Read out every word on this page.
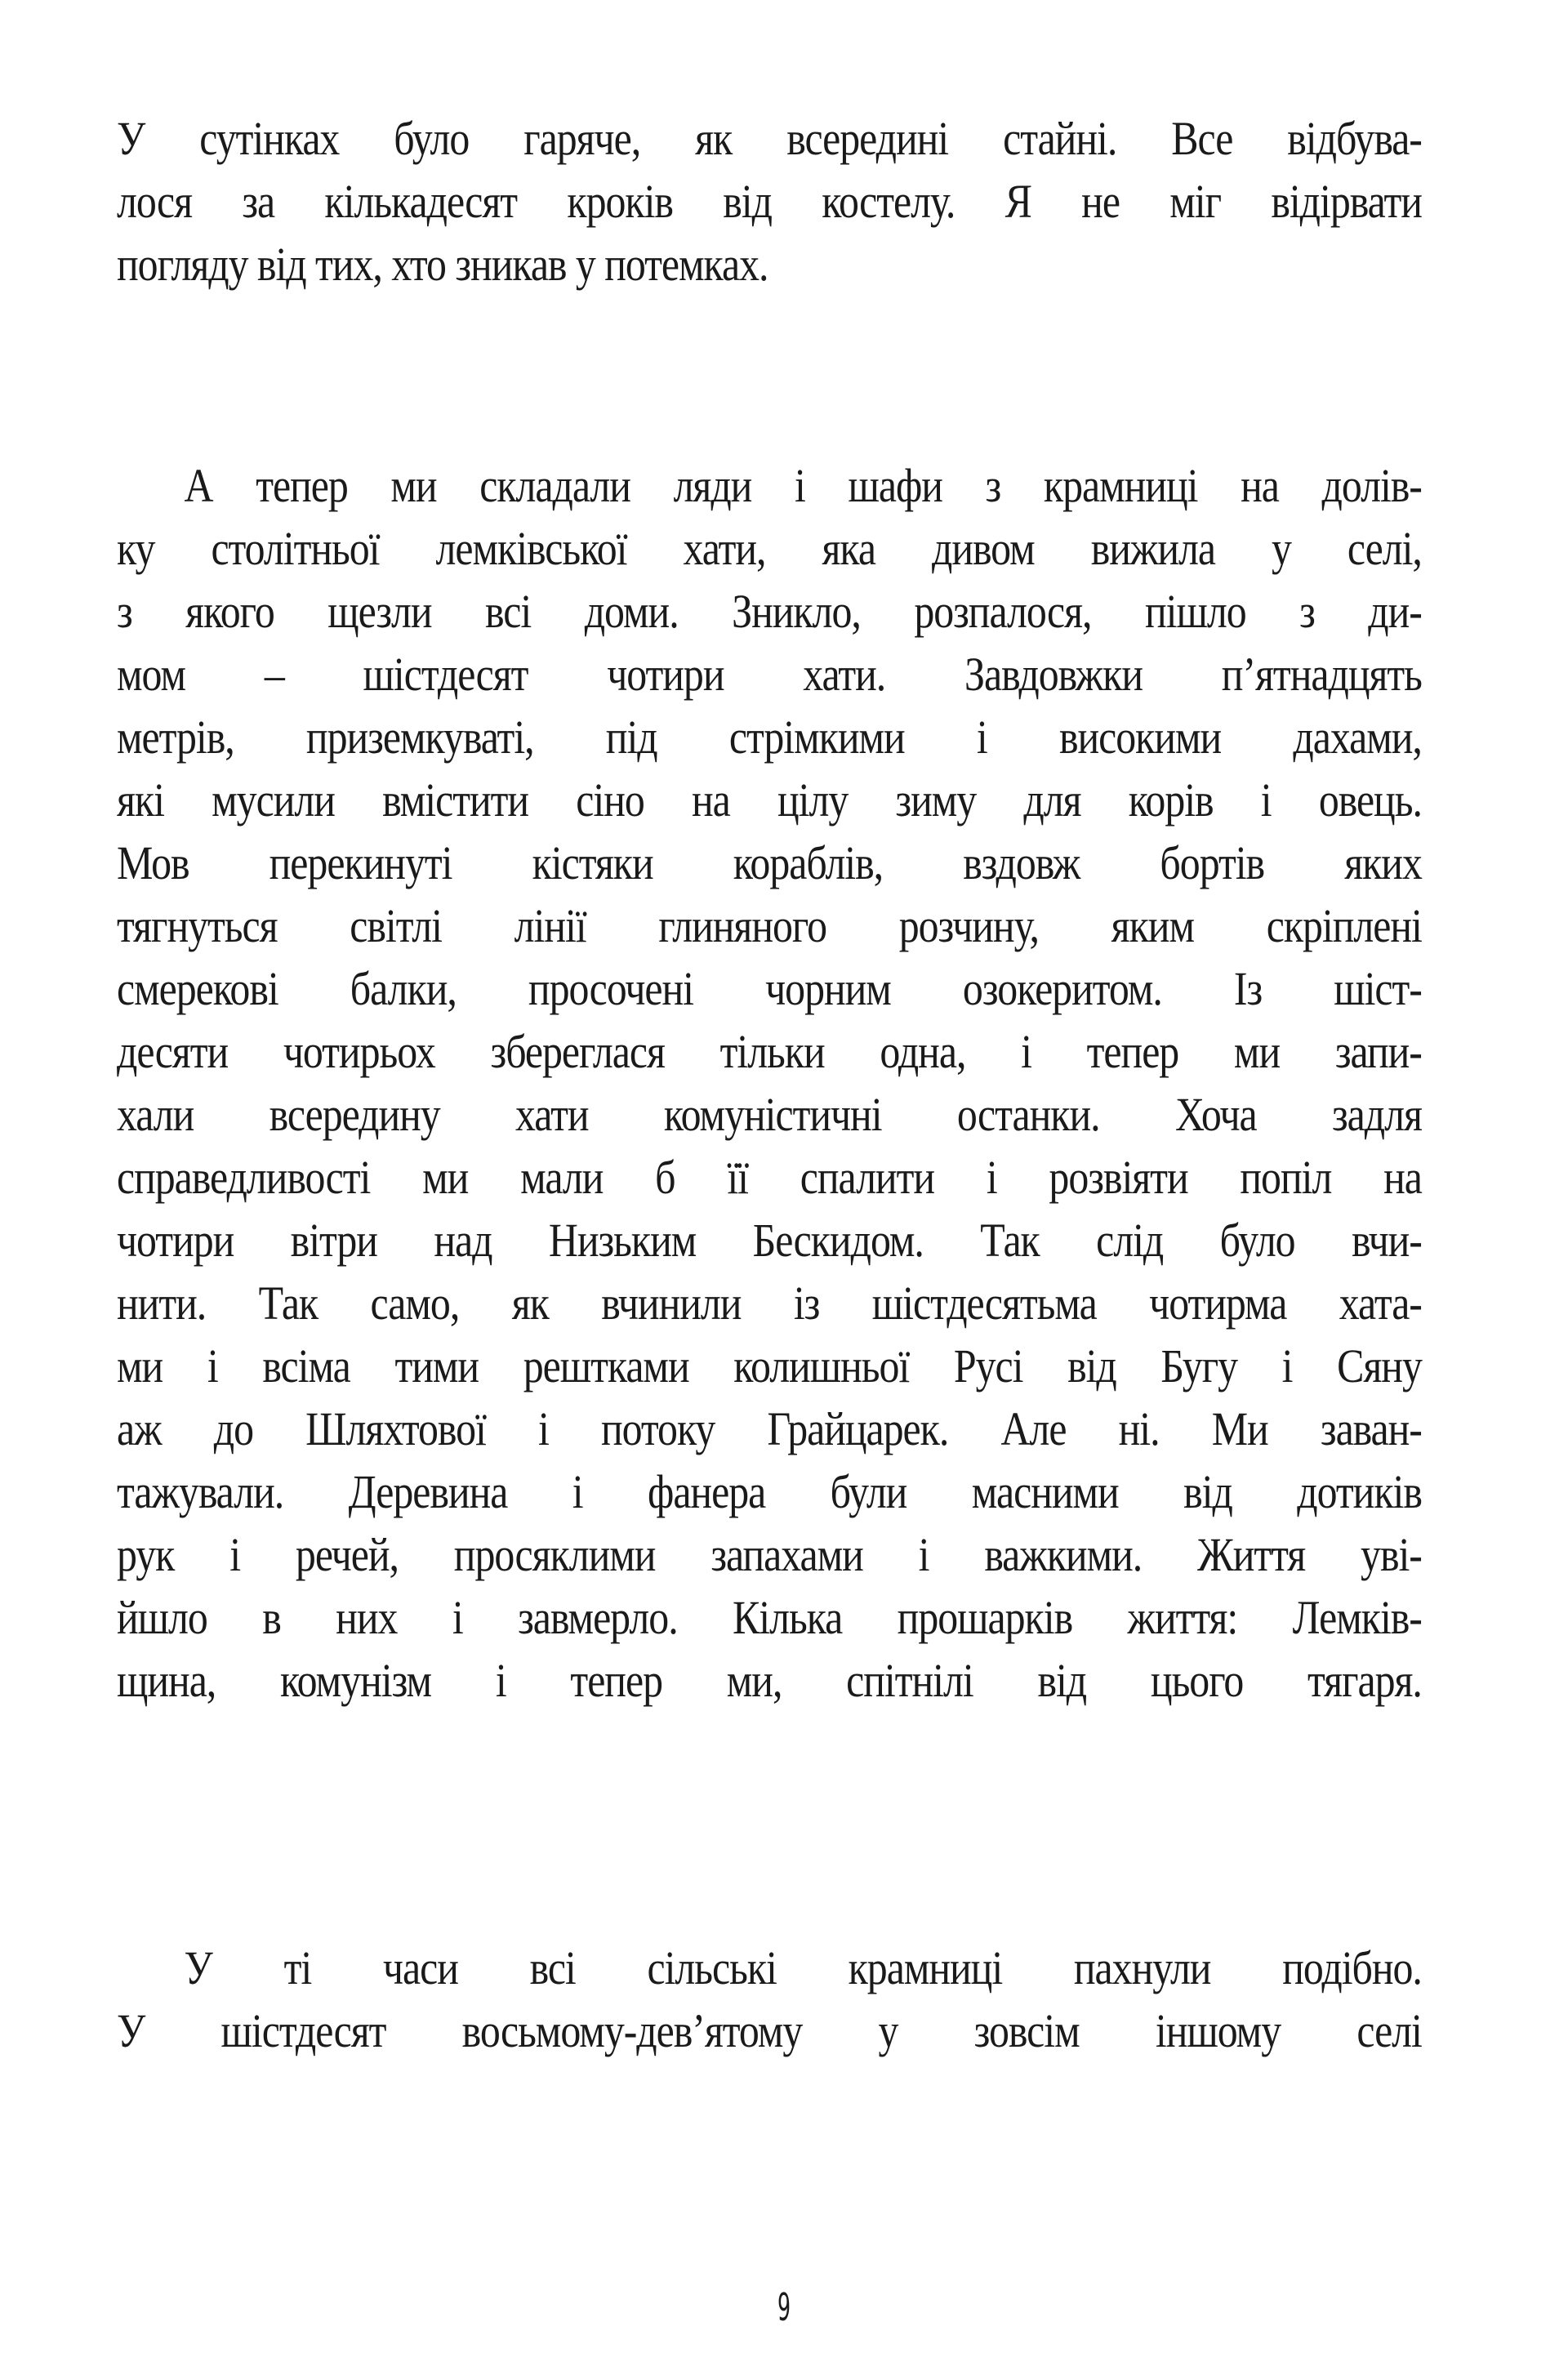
У сутінках було гаряче, як всередині стайні. Все відбува-
лося за кількадесят кроків від костелу. Я не міг відірвати
погляду від тих, хто зникав у потемках.
А тепер ми складали ляди і шафи з крамниці на долів-
ку столітньої лемківської хати, яка дивом вижила у селі,
з якого щезли всі доми. Зникло, розпалося, пішло з ди-
мом – шістдесят чотири хати. Завдовжки п’ятнадцять
метрів, приземкуваті, під стрімкими і високими дахами,
які мусили вмістити сіно на цілу зиму для корів і овець.
Мов перекинуті кістяки кораблів, вздовж бортів яких
тягнуться світлі лінії глиняного розчину, яким скріплені
смерекові балки, просочені чорним озокеритом. Із шіст-
десяти чотирьох збереглася тільки одна, і тепер ми запи-
хали всередину хати комуністичні останки. Хоча задля
справедливості ми мали б її спалити і розвіяти попіл на
чотири вітри над Низьким Бескидом. Так слід було вчи-
нити. Так само, як вчинили із шістдесятьма чотирма хата-
ми і всіма тими рештками колишньої Русі від Бугу і Сяну
аж до Шляхтової і потоку Грайцарек. Але ні. Ми заван-
тажували. Деревина і фанера були масними від дотиків
рук і речей, просяклими запахами і важкими. Життя уві-
йшло в них і завмерло. Кілька прошарків життя: Лемків-
щина, комунізм і тепер ми, спітнілі від цього тягаря.
У ті часи всі сільські крамниці пахнули подібно.
У шістдесят восьмому-дев’ятому у зовсім іншому селі
9
